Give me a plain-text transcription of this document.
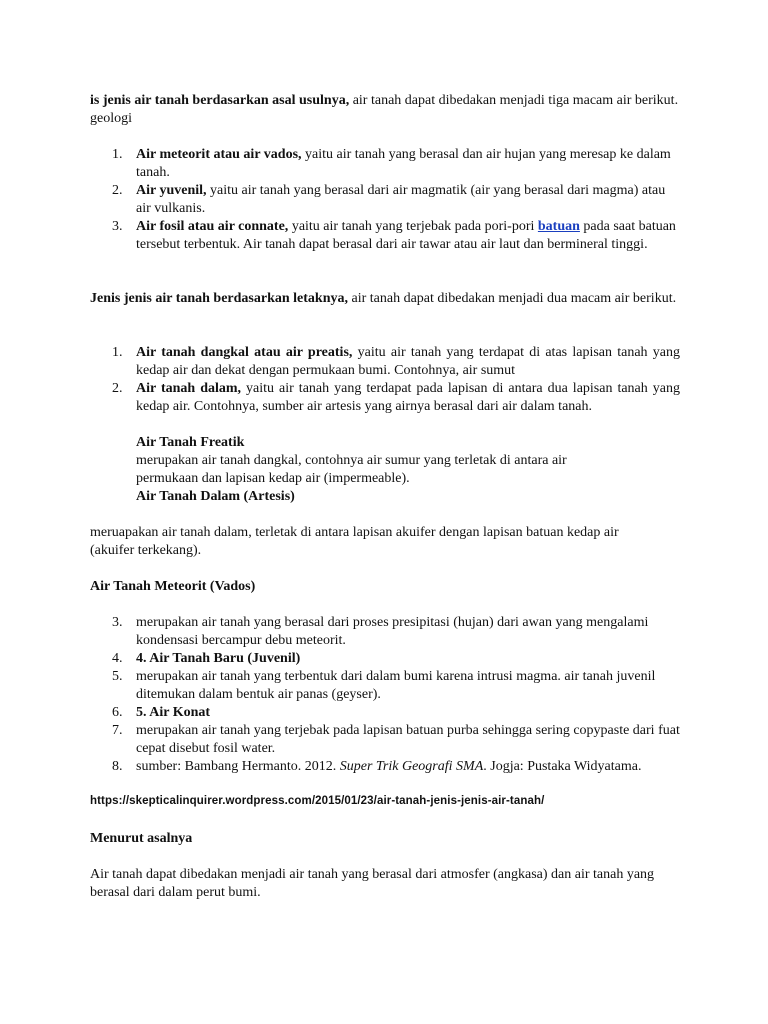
is jenis air tanah berdasarkan asal usulnya, air tanah dapat dibedakan menjadi tiga macam air berikut. geologi

1. Air meteorit atau air vados, yaitu air tanah yang berasal dan air hujan yang meresap ke dalam tanah.
2. Air yuvenil, yaitu air tanah yang berasal dari air magmatik (air yang berasal dari magma) atau air vulkanis.
3. Air fosil atau air connate, yaitu air tanah yang terjebak pada pori-pori batuan pada saat batuan tersebut terbentuk. Air tanah dapat berasal dari air tawar atau air laut dan bermineral tinggi.

Jenis jenis air tanah berdasarkan letaknya, air tanah dapat dibedakan menjadi dua macam air berikut.

1. Air tanah dangkal atau air preatis, yaitu air tanah yang terdapat di atas lapisan tanah yang kedap air dan dekat dengan permukaan bumi. Contohnya, air sumut
2. Air tanah dalam, yaitu air tanah yang terdapat pada lapisan di antara dua lapisan tanah yang kedap air. Contohnya, sumber air artesis yang airnya berasal dari air dalam tanah.
Air Tanah Freatik
merupakan air tanah dangkal, contohnya air sumur yang terletak di antara air permukaan dan lapisan kedap air (impermeable).
Air Tanah Dalam (Artesis)

meruapakan air tanah dalam, terletak di antara lapisan akuifer dengan lapisan batuan kedap air (akuifer terkekang).

Air Tanah Meteorit (Vados)

3. merupakan air tanah yang berasal dari proses presipitasi (hujan) dari awan yang mengalami kondensasi bercampur debu meteorit.
4. 4. Air Tanah Baru (Juvenil)
5. merupakan air tanah yang terbentuk dari dalam bumi karena intrusi magma. air tanah juvenil ditemukan dalam bentuk air panas (geyser).
6. 5. Air Konat
7. merupakan air tanah yang terjebak pada lapisan batuan purba sehingga sering copypaste dari fuat cepat disebut fosil water.
8. sumber: Bambang Hermanto. 2012. Super Trik Geografi SMA. Jogja: Pustaka Widyatama.

https://skepticalinquirer.wordpress.com/2015/01/23/air-tanah-jenis-jenis-air-tanah/

Menurut asalnya

Air tanah dapat dibedakan menjadi air tanah yang berasal dari atmosfer (angkasa) dan air tanah yang berasal dari dalam perut bumi.
